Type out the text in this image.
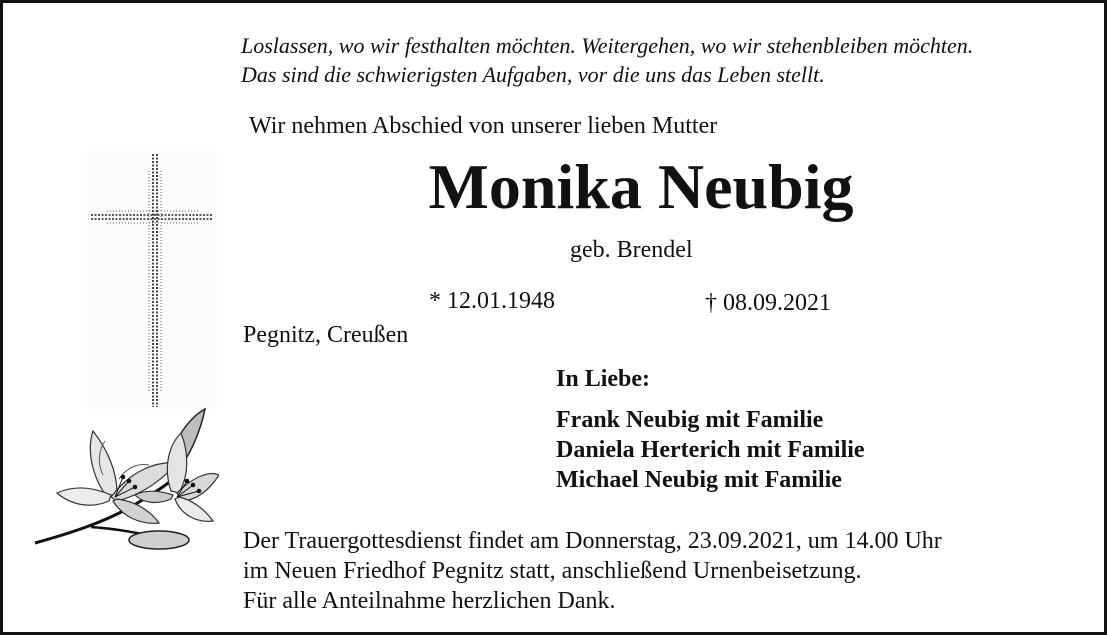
Loslassen, wo wir festhalten möchten. Weitergehen, wo wir stehenbleiben möchten.
Das sind die schwierigsten Aufgaben, vor die uns das Leben stellt.
Wir nehmen Abschied von unserer lieben Mutter
Monika Neubig
geb. Brendel
* 12.01.1948	† 08.09.2021
Pegnitz, Creußen
In Liebe:
Frank Neubig mit Familie
Daniela Herterich mit Familie
Michael Neubig mit Familie
Der Trauergottesdienst findet am Donnerstag, 23.09.2021, um 14.00 Uhr
im Neuen Friedhof Pegnitz statt, anschließend Urnenbeisetzung.
Für alle Anteilnahme herzlichen Dank.
